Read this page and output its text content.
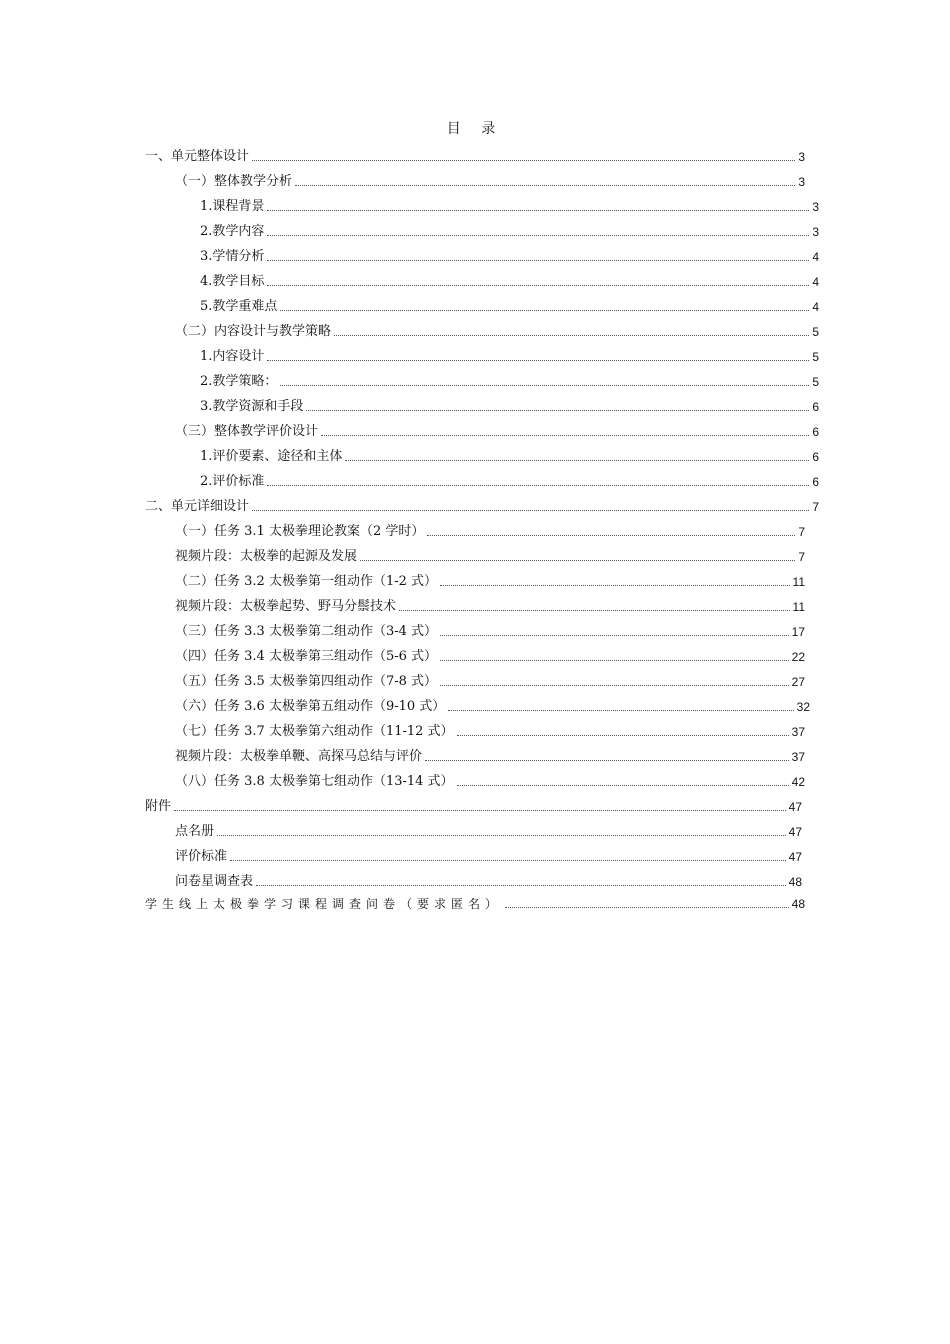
目 录
一、单元整体设计	3
（一）整体教学分析	3
1.课程背景	3
2.教学内容	3
3.学情分析	4
4.教学目标	4
5.教学重难点	4
（二）内容设计与教学策略	5
1.内容设计	5
2.教学策略：	5
3.教学资源和手段	6
（三）整体教学评价设计	6
1.评价要素、途径和主体	6
2.评价标准	6
二、单元详细设计	7
（一）任务 3.1 太极拳理论教案（2 学时）	7
视频片段：太极拳的起源及发展	7
（二）任务 3.2 太极拳第一组动作（1-2 式）	11
视频片段：太极拳起势、野马分鬃技术	11
（三）任务 3.3 太极拳第二组动作（3-4 式）	17
（四）任务 3.4 太极拳第三组动作（5-6 式）	22
（五）任务 3.5 太极拳第四组动作（7-8 式）	27
（六）任务 3.6 太极拳第五组动作（9-10 式）	32
（七）任务 3.7 太极拳第六组动作（11-12 式）	37
视频片段：太极拳单鞭、高探马总结与评价	37
（八）任务 3.8 太极拳第七组动作（13-14 式）	42
附件	47
点名册	47
评价标准	47
问卷星调查表	48
学生线上太极拳学习课程调查问卷（要求匿名）	48
